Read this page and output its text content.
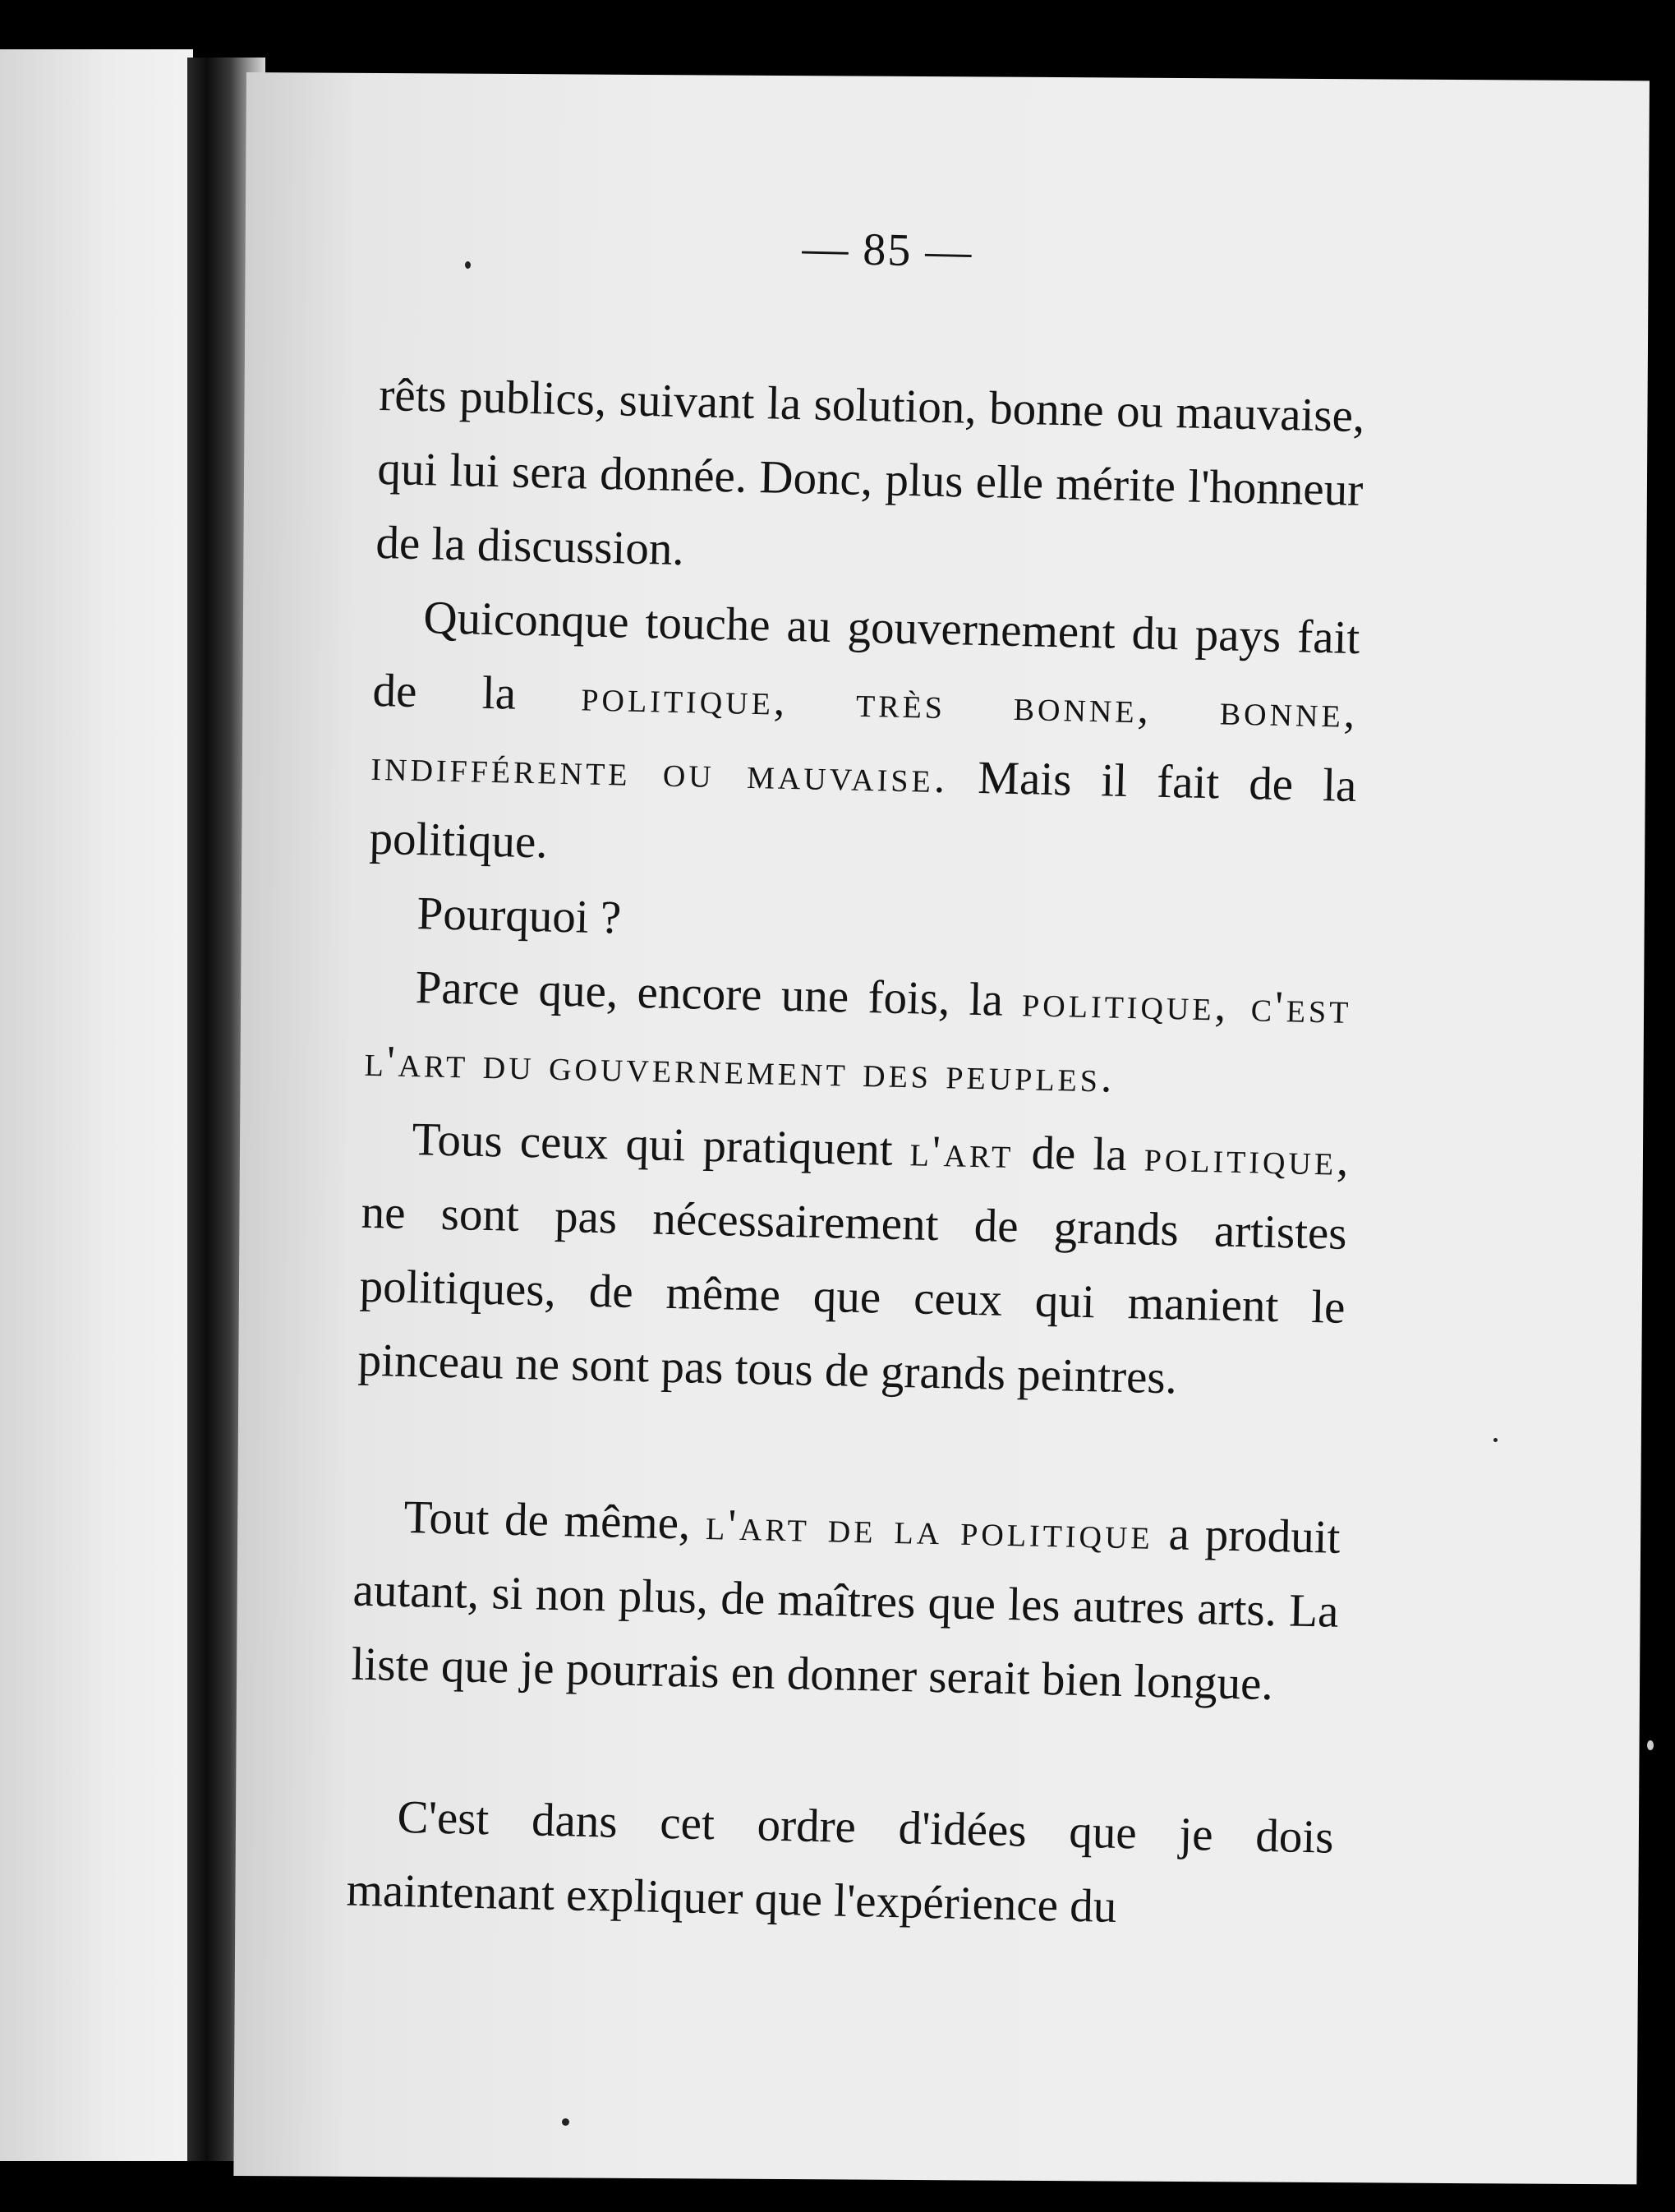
— 85 —

rêts publics, suivant la solution, bonne ou mauvaise, qui lui sera donnée. Donc, plus elle mérite l'honneur de la discussion.

Quiconque touche au gouvernement du pays fait de la politique, très bonne, bonne, indifférente ou mauvaise. Mais il fait de la politique.

Pourquoi ?

Parce que, encore une fois, la politique, c'est l'art du gouvernement des peuples.

Tous ceux qui pratiquent l'art de la politique, ne sont pas nécessairement de grands artistes politiques, de même que ceux qui manient le pinceau ne sont pas tous de grands peintres.

Tout de même, l'art de la politique a produit autant, si non plus, de maîtres que les autres arts. La liste que je pourrais en donner serait bien longue.

C'est dans cet ordre d'idées que je dois maintenant expliquer que l'expérience du
